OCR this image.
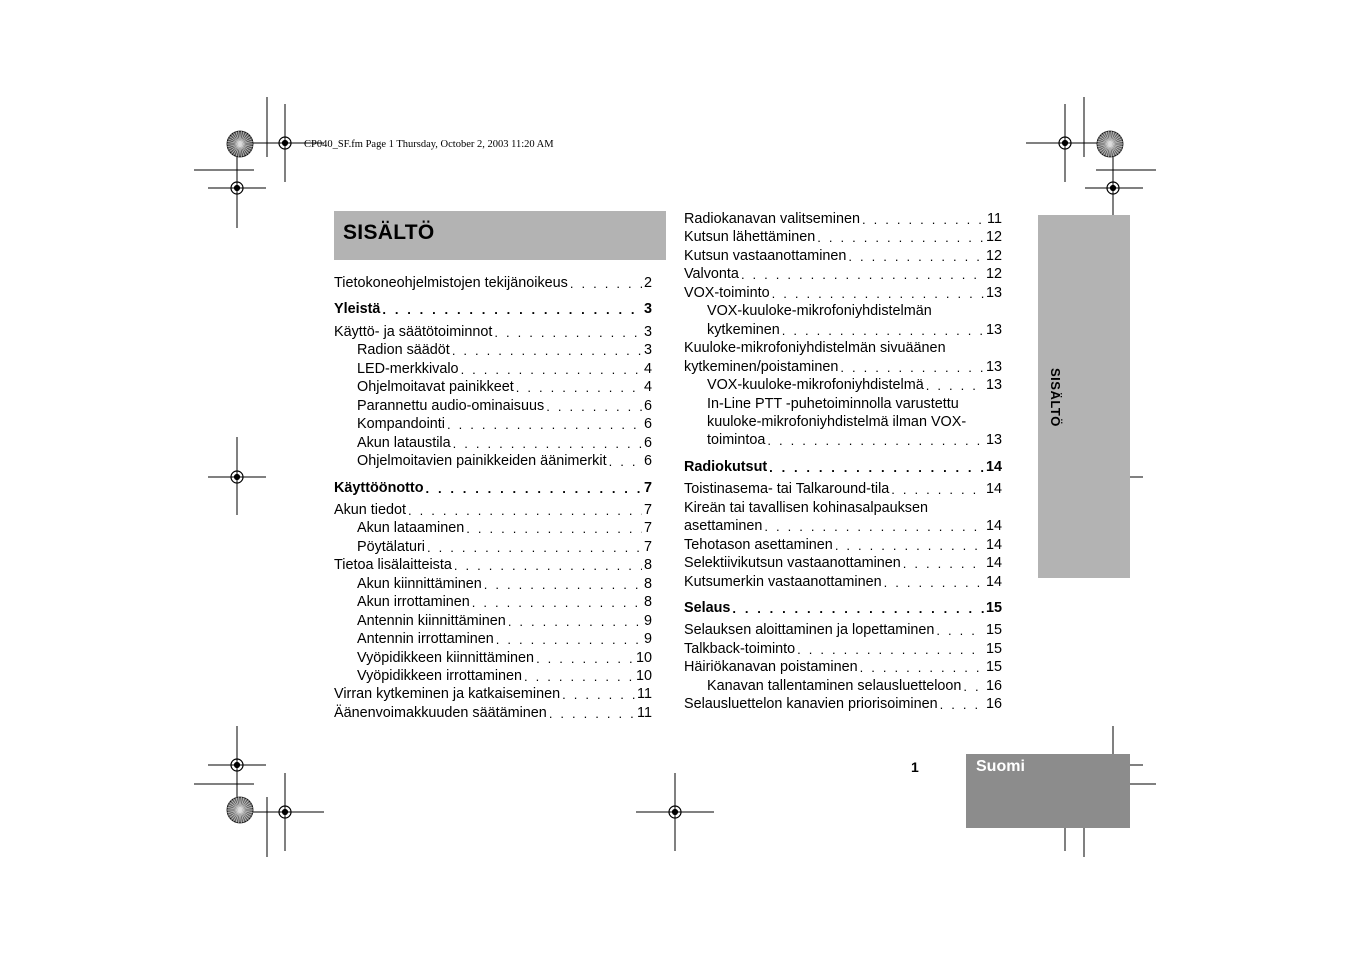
CP040_SF.fm Page 1 Thursday, October 2, 2003 11:20 AM
SISÄLTÖ
Tietokoneohjelmistojen tekijänoikeus . . .	2
Yleistä . . .	3
Käyttö- ja säätötoiminnot . . .	3
Radion säädöt . . .	3
LED-merkkivalo . . .	4
Ohjelmoitavat painikkeet . . .	4
Parannettu audio-ominaisuus . . .	6
Kompandointi . . .	6
Akun lataustila . . .	6
Ohjelmoitavien painikkeiden äänimerkit . . .	6
Käyttöönotto . . .	7
Akun tiedot . . .	7
Akun lataaminen . . .	7
Pöytälaturi . . .	7
Tietoa lisälaitteista . . .	8
Akun kiinnittäminen . . .	8
Akun irrottaminen . . .	8
Antennin kiinnittäminen . . .	9
Antennin irrottaminen . . .	9
Vyöpidikkeen kiinnittäminen . . .	10
Vyöpidikkeen irrottaminen . . .	10
Virran kytkeminen ja katkaiseminen . . .	11
Äänenvoimakkuuden säätäminen . . .	11
Radiokanavan valitseminen . . .	11
Kutsun lähettäminen . . .	12
Kutsun vastaanottaminen . . .	12
Valvonta . . .	12
VOX-toiminto . . .	13
VOX-kuuloke-mikrofoniyhdistelmän
kytkeminen . . .	13
Kuuloke-mikrofoniyhdistelmän sivuäänen
kytkeminen/poistaminen . . .	13
VOX-kuuloke-mikrofoniyhdistelmä . . .	13
In-Line PTT -puhetoiminnolla varustettu
kuuloke-mikrofoniyhdistelmä ilman VOX-
toimintoa . . .	13
Radiokutsut . . .	14
Toistinasema- tai Talkaround-tila . . .	14
Kireän tai tavallisen kohinasalpauksen
asettaminen . . .	14
Tehotason asettaminen . . .	14
Selektiivikutsun vastaanottaminen . . .	14
Kutsumerkin vastaanottaminen . . .	14
Selaus . . .	15
Selauksen aloittaminen ja lopettaminen . . .	15
Talkback-toiminto . . .	15
Häiriökanavan poistaminen . . .	15
Kanavan tallentaminen selausluetteloon . . . 16
Selausluettelon kanavien priorisoiminen . . .	16
SISÄLTÖ
1	Suomi
